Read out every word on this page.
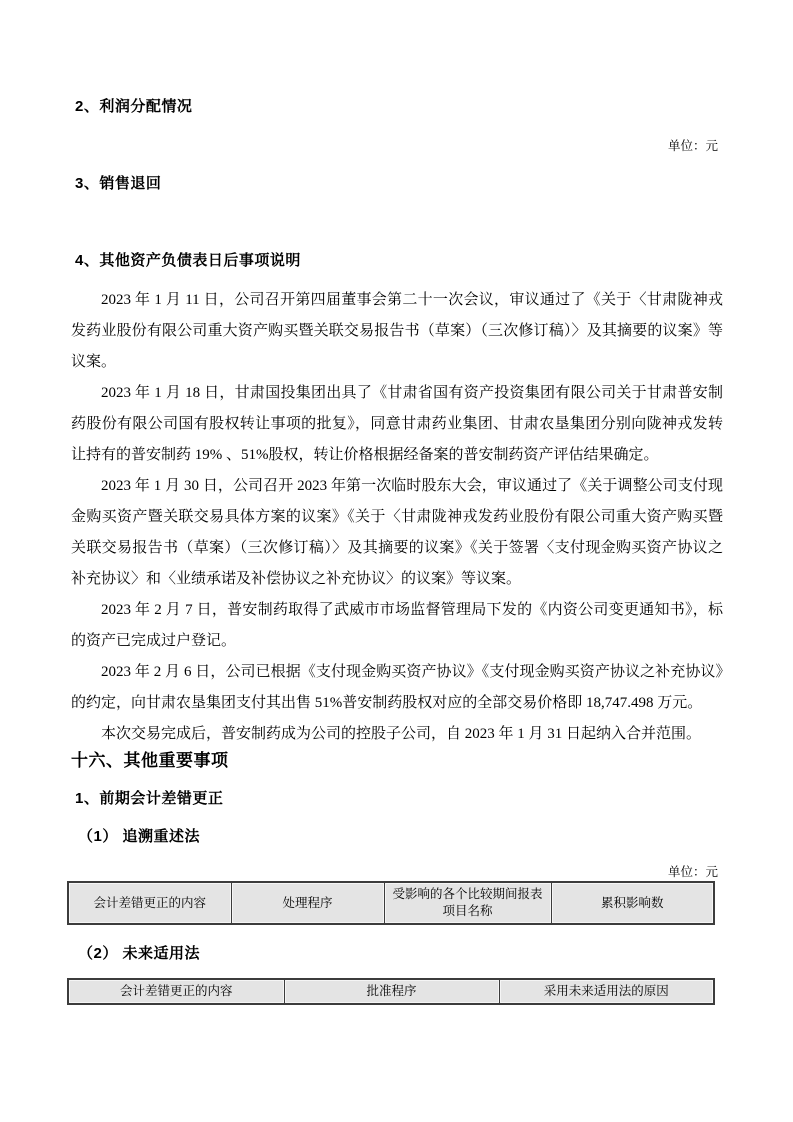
2、利润分配情况
单位：元
3、销售退回
4、其他资产负债表日后事项说明

2023 年 1 月 11 日，公司召开第四届董事会第二十一次会议，审议通过了《关于〈甘肃陇神戎发药业股份有限公司重大资产购买暨关联交易报告书（草案）（三次修订稿）〉及其摘要的议案》等议案。

2023 年 1 月 18 日，甘肃国投集团出具了《甘肃省国有资产投资集团有限公司关于甘肃普安制药股份有限公司国有股权转让事项的批复》，同意甘肃药业集团、甘肃农垦集团分别向陇神戎发转让持有的普安制药 19% 、51%股权，转让价格根据经备案的普安制药资产评估结果确定。

2023 年 1 月 30 日，公司召开 2023 年第一次临时股东大会，审议通过了《关于调整公司支付现金购买资产暨关联交易具体方案的议案》《关于〈甘肃陇神戎发药业股份有限公司重大资产购买暨关联交易报告书（草案）（三次修订稿）〉及其摘要的议案》《关于签署〈支付现金购买资产协议之补充协议〉和〈业绩承诺及补偿协议之补充协议〉的议案》等议案。

2023 年 2 月 7 日，普安制药取得了武威市市场监督管理局下发的《内资公司变更通知书》，标的资产已完成过户登记。

2023 年 2 月 6 日，公司已根据《支付现金购买资产协议》《支付现金购买资产协议之补充协议》的约定，向甘肃农垦集团支付其出售 51%普安制药股权对应的全部交易价格即 18,747.498 万元。

本次交易完成后，普安制药成为公司的控股子公司，自 2023 年 1 月 31 日起纳入合并范围。

十六、其他重要事项
1、前期会计差错更正
（1） 追溯重述法
单位：元
会计差错更正的内容	处理程序	受影响的各个比较期间报表项目名称	累积影响数
（2） 未来适用法
会计差错更正的内容	批准程序	采用未来适用法的原因
